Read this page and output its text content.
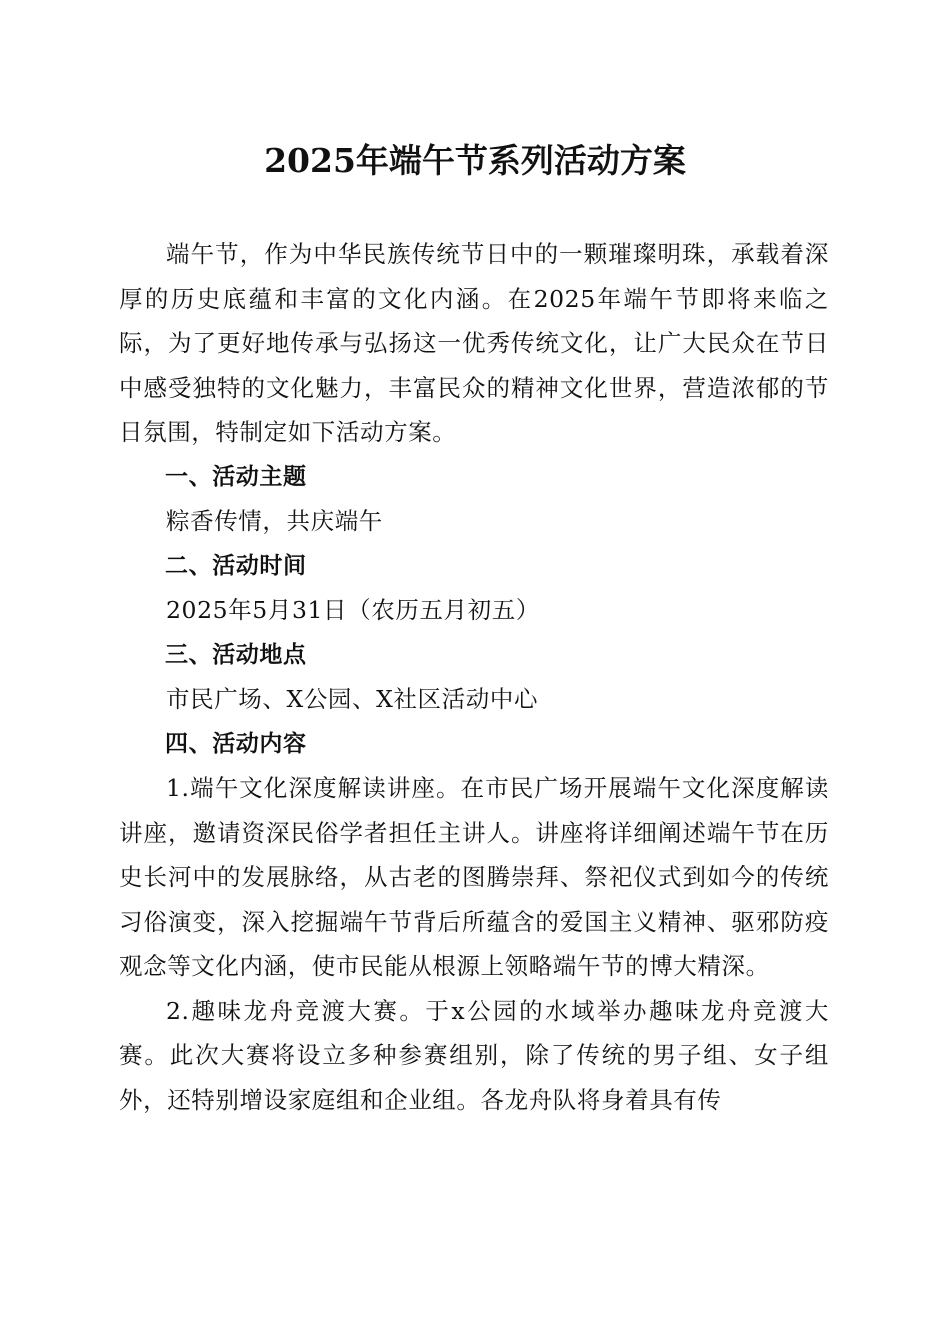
2025年端午节系列活动方案

端午节，作为中华民族传统节日中的一颗璀璨明珠，承载着深厚的历史底蕴和丰富的文化内涵。在2025年端午节即将来临之际，为了更好地传承与弘扬这一优秀传统文化，让广大民众在节日中感受独特的文化魅力，丰富民众的精神文化世界，营造浓郁的节日氛围，特制定如下活动方案。

一、活动主题

粽香传情，共庆端午

二、活动时间

2025年5月31日（农历五月初五）

三、活动地点

市民广场、X公园、X社区活动中心

四、活动内容

1.端午文化深度解读讲座。在市民广场开展端午文化深度解读讲座，邀请资深民俗学者担任主讲人。讲座将详细阐述端午节在历史长河中的发展脉络，从古老的图腾崇拜、祭祀仪式到如今的传统习俗演变，深入挖掘端午节背后所蕴含的爱国主义精神、驱邪防疫观念等文化内涵，使市民能从根源上领略端午节的博大精深。

2.趣味龙舟竞渡大赛。于x公园的水域举办趣味龙舟竞渡大赛。此次大赛将设立多种参赛组别，除了传统的男子组、女子组外，还特别增设家庭组和企业组。各龙舟队将身着具有传
